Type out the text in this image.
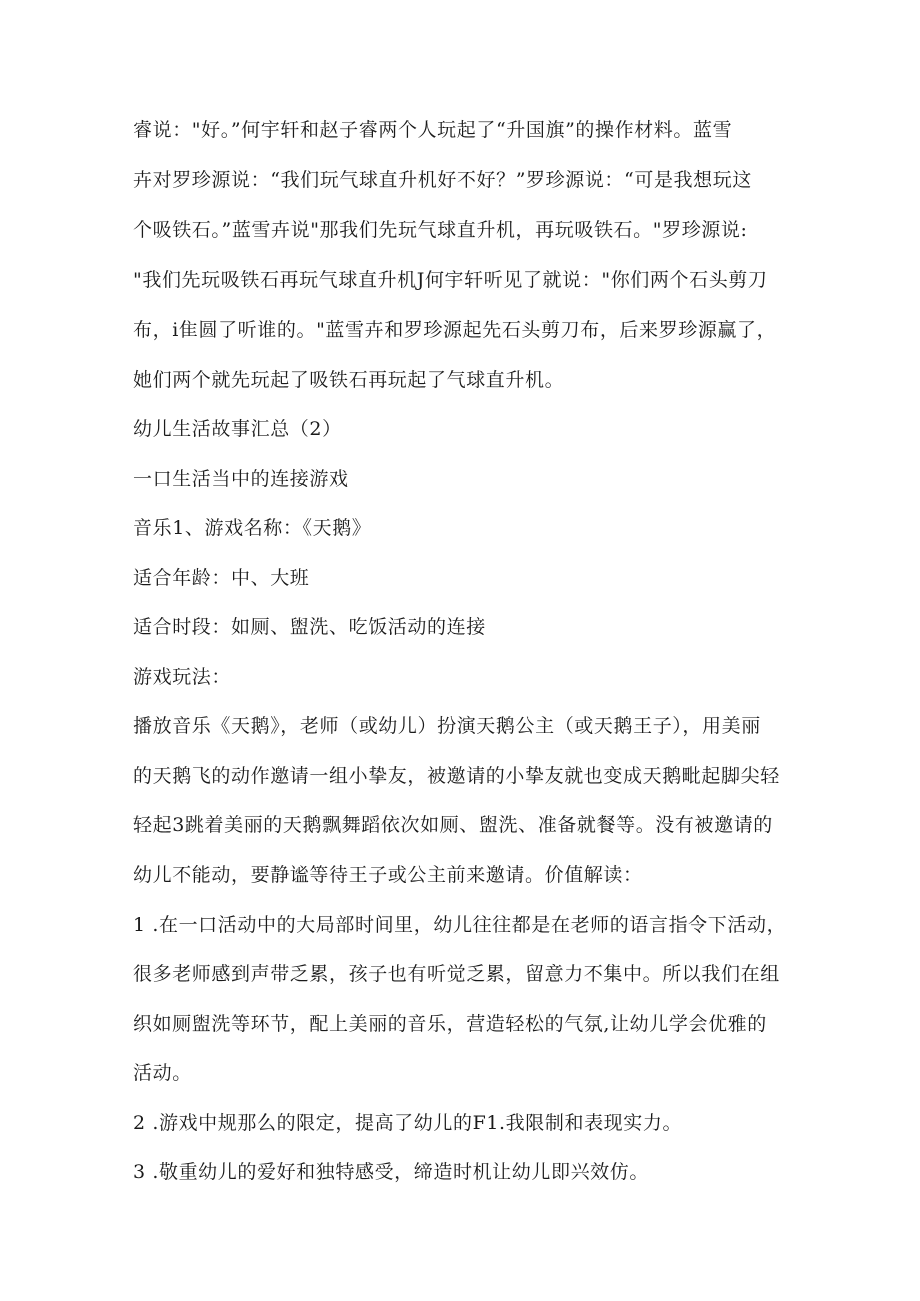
睿说："好。”何宇轩和赵子睿两个人玩起了“升国旗”的操作材料。蓝雪
卉对罗珍源说：“我们玩气球直升机好不好？”罗珍源说：“可是我想玩这
个吸铁石。”蓝雪卉说"那我们先玩气球直升机，再玩吸铁石。"罗珍源说:
"我们先玩吸铁石再玩气球直升机J何宇轩听见了就说："你们两个石头剪刀
布，i隹圆了听谁的。"蓝雪卉和罗珍源起先石头剪刀布，后来罗珍源赢了，
她们两个就先玩起了吸铁石再玩起了气球直升机。
幼儿生活故事汇总（2）
一口生活当中的连接游戏
音乐1、游戏名称：《天鹅》
适合年龄：中、大班
适合时段：如厕、盥洗、吃饭活动的连接
游戏玩法：
播放音乐《天鹅》，老师（或幼儿）扮演天鹅公主（或天鹅王子），用美丽
的天鹅飞的动作邀请一组小挚友，被邀请的小挚友就也变成天鹅毗起脚尖轻
轻起3跳着美丽的天鹅飘舞蹈依次如厕、盥洗、准备就餐等。没有被邀请的
幼儿不能动，要静谧等待王子或公主前来邀请。价值解读：
1 .在一口活动中的大局部时间里，幼儿往往都是在老师的语言指令下活动，
很多老师感到声带乏累，孩子也有听觉乏累，留意力不集中。所以我们在组
织如厕盥洗等环节，配上美丽的音乐，营造轻松的气氛,让幼儿学会优雅的
活动。
2 .游戏中规那么的限定，提高了幼儿的F1.我限制和表现实力。
3 .敬重幼儿的爱好和独特感受，缔造时机让幼儿即兴效仿。
